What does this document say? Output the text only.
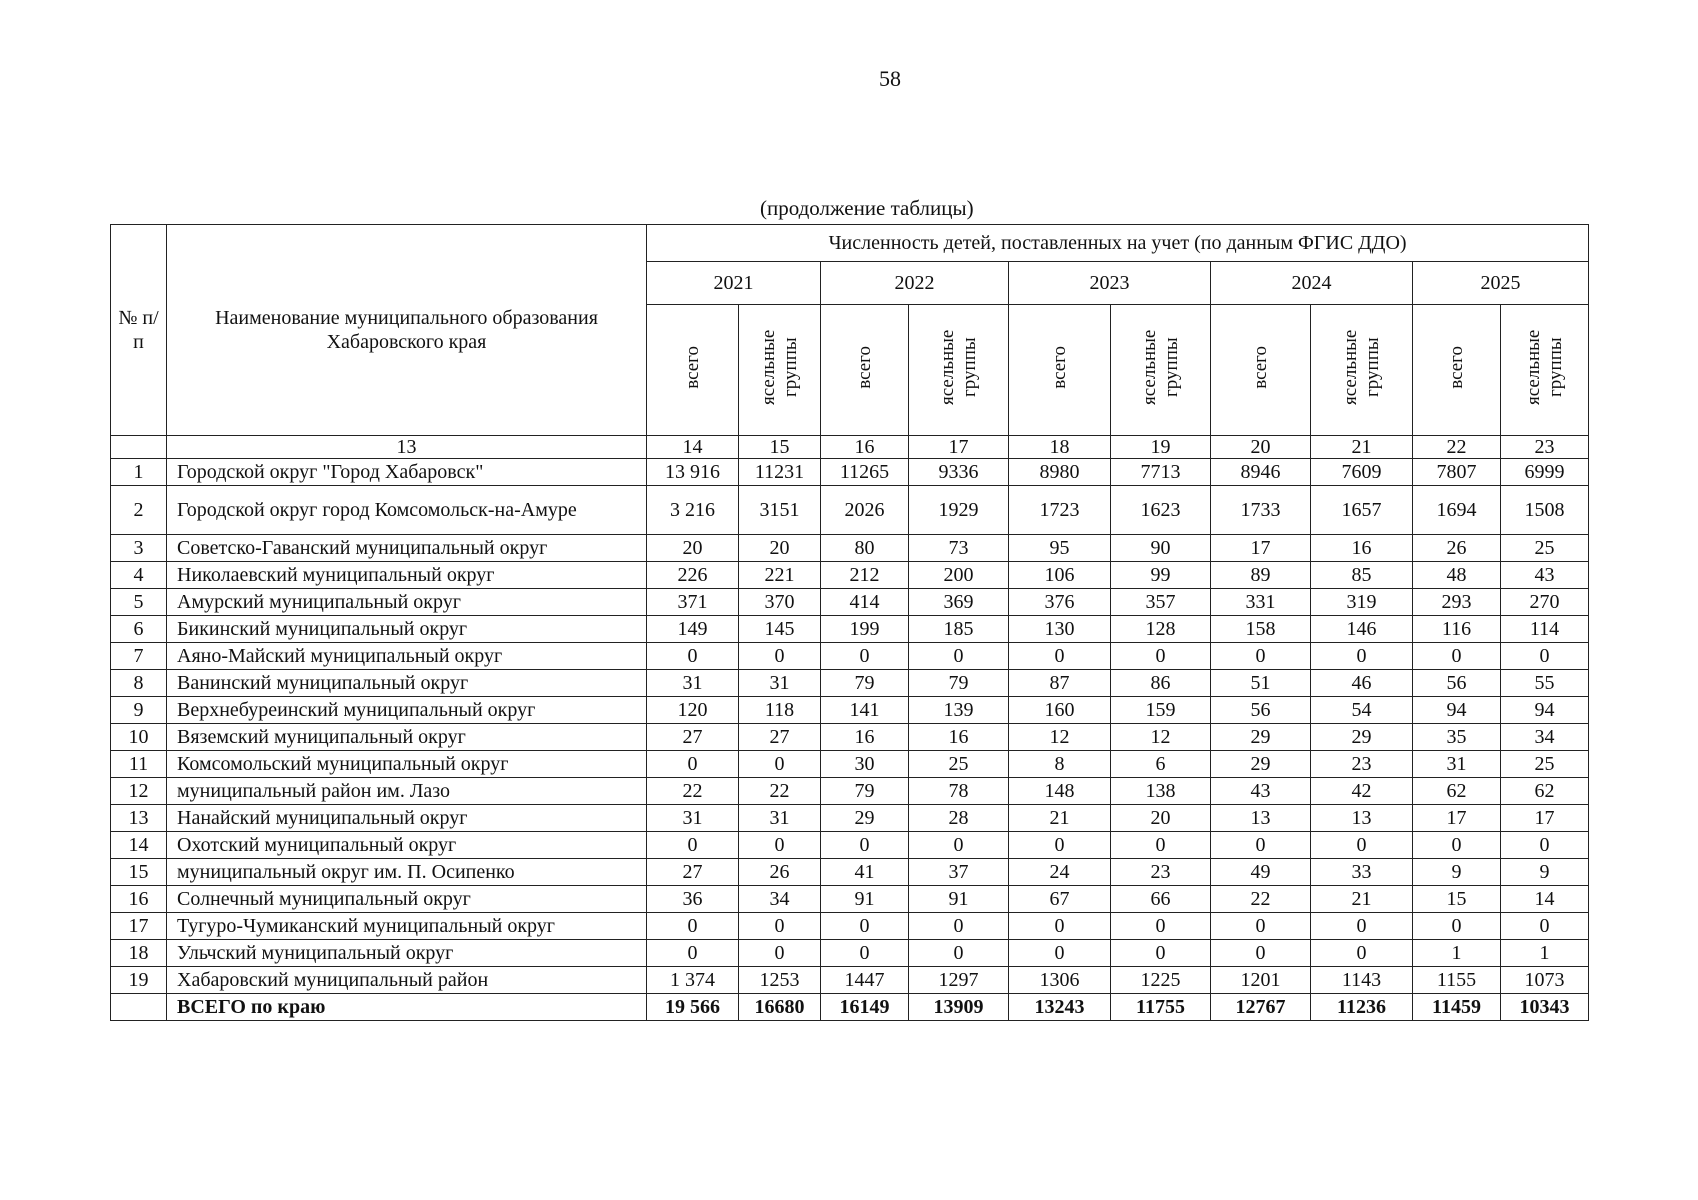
58
(продолжение таблицы)
№ п/п	Наименование муниципального образования Хабаровского края	Численность детей, поставленных на учет (по данным ФГИС ДДО)									
		2021		2022		2023		2024		2025	
		всего	ясельные группы	всего	ясельные группы	всего	ясельные группы	всего	ясельные группы	всего	ясельные группы
	13	14	15	16	17	18	19	20	21	22	23
1	Городской округ "Город Хабаровск"	13 916	11231	11265	9336	8980	7713	8946	7609	7807	6999
2	Городской округ город Комсомольск-на-Амуре	3 216	3151	2026	1929	1723	1623	1733	1657	1694	1508
3	Советско-Гаванский муниципальный округ	20	20	80	73	95	90	17	16	26	25
4	Николаевский муниципальный округ	226	221	212	200	106	99	89	85	48	43
5	Амурский муниципальный округ	371	370	414	369	376	357	331	319	293	270
6	Бикинский муниципальный округ	149	145	199	185	130	128	158	146	116	114
7	Аяно-Майский муниципальный округ	0	0	0	0	0	0	0	0	0	0
8	Ванинский муниципальный округ	31	31	79	79	87	86	51	46	56	55
9	Верхнебуреинский муниципальный округ	120	118	141	139	160	159	56	54	94	94
10	Вяземский муниципальный округ	27	27	16	16	12	12	29	29	35	34
11	Комсомольский муниципальный округ	0	0	30	25	8	6	29	23	31	25
12	муниципальный район им. Лазо	22	22	79	78	148	138	43	42	62	62
13	Нанайский муниципальный округ	31	31	29	28	21	20	13	13	17	17
14	Охотский муниципальный округ	0	0	0	0	0	0	0	0	0	0
15	муниципальный округ им. П. Осипенко	27	26	41	37	24	23	49	33	9	9
16	Солнечный муниципальный округ	36	34	91	91	67	66	22	21	15	14
17	Тугуро-Чумиканский муниципальный округ	0	0	0	0	0	0	0	0	0	0
18	Ульчский муниципальный округ	0	0	0	0	0	0	0	0	1	1
19	Хабаровский муниципальный район	1 374	1253	1447	1297	1306	1225	1201	1143	1155	1073
	ВСЕГО по краю	19 566	16680	16149	13909	13243	11755	12767	11236	11459	10343
